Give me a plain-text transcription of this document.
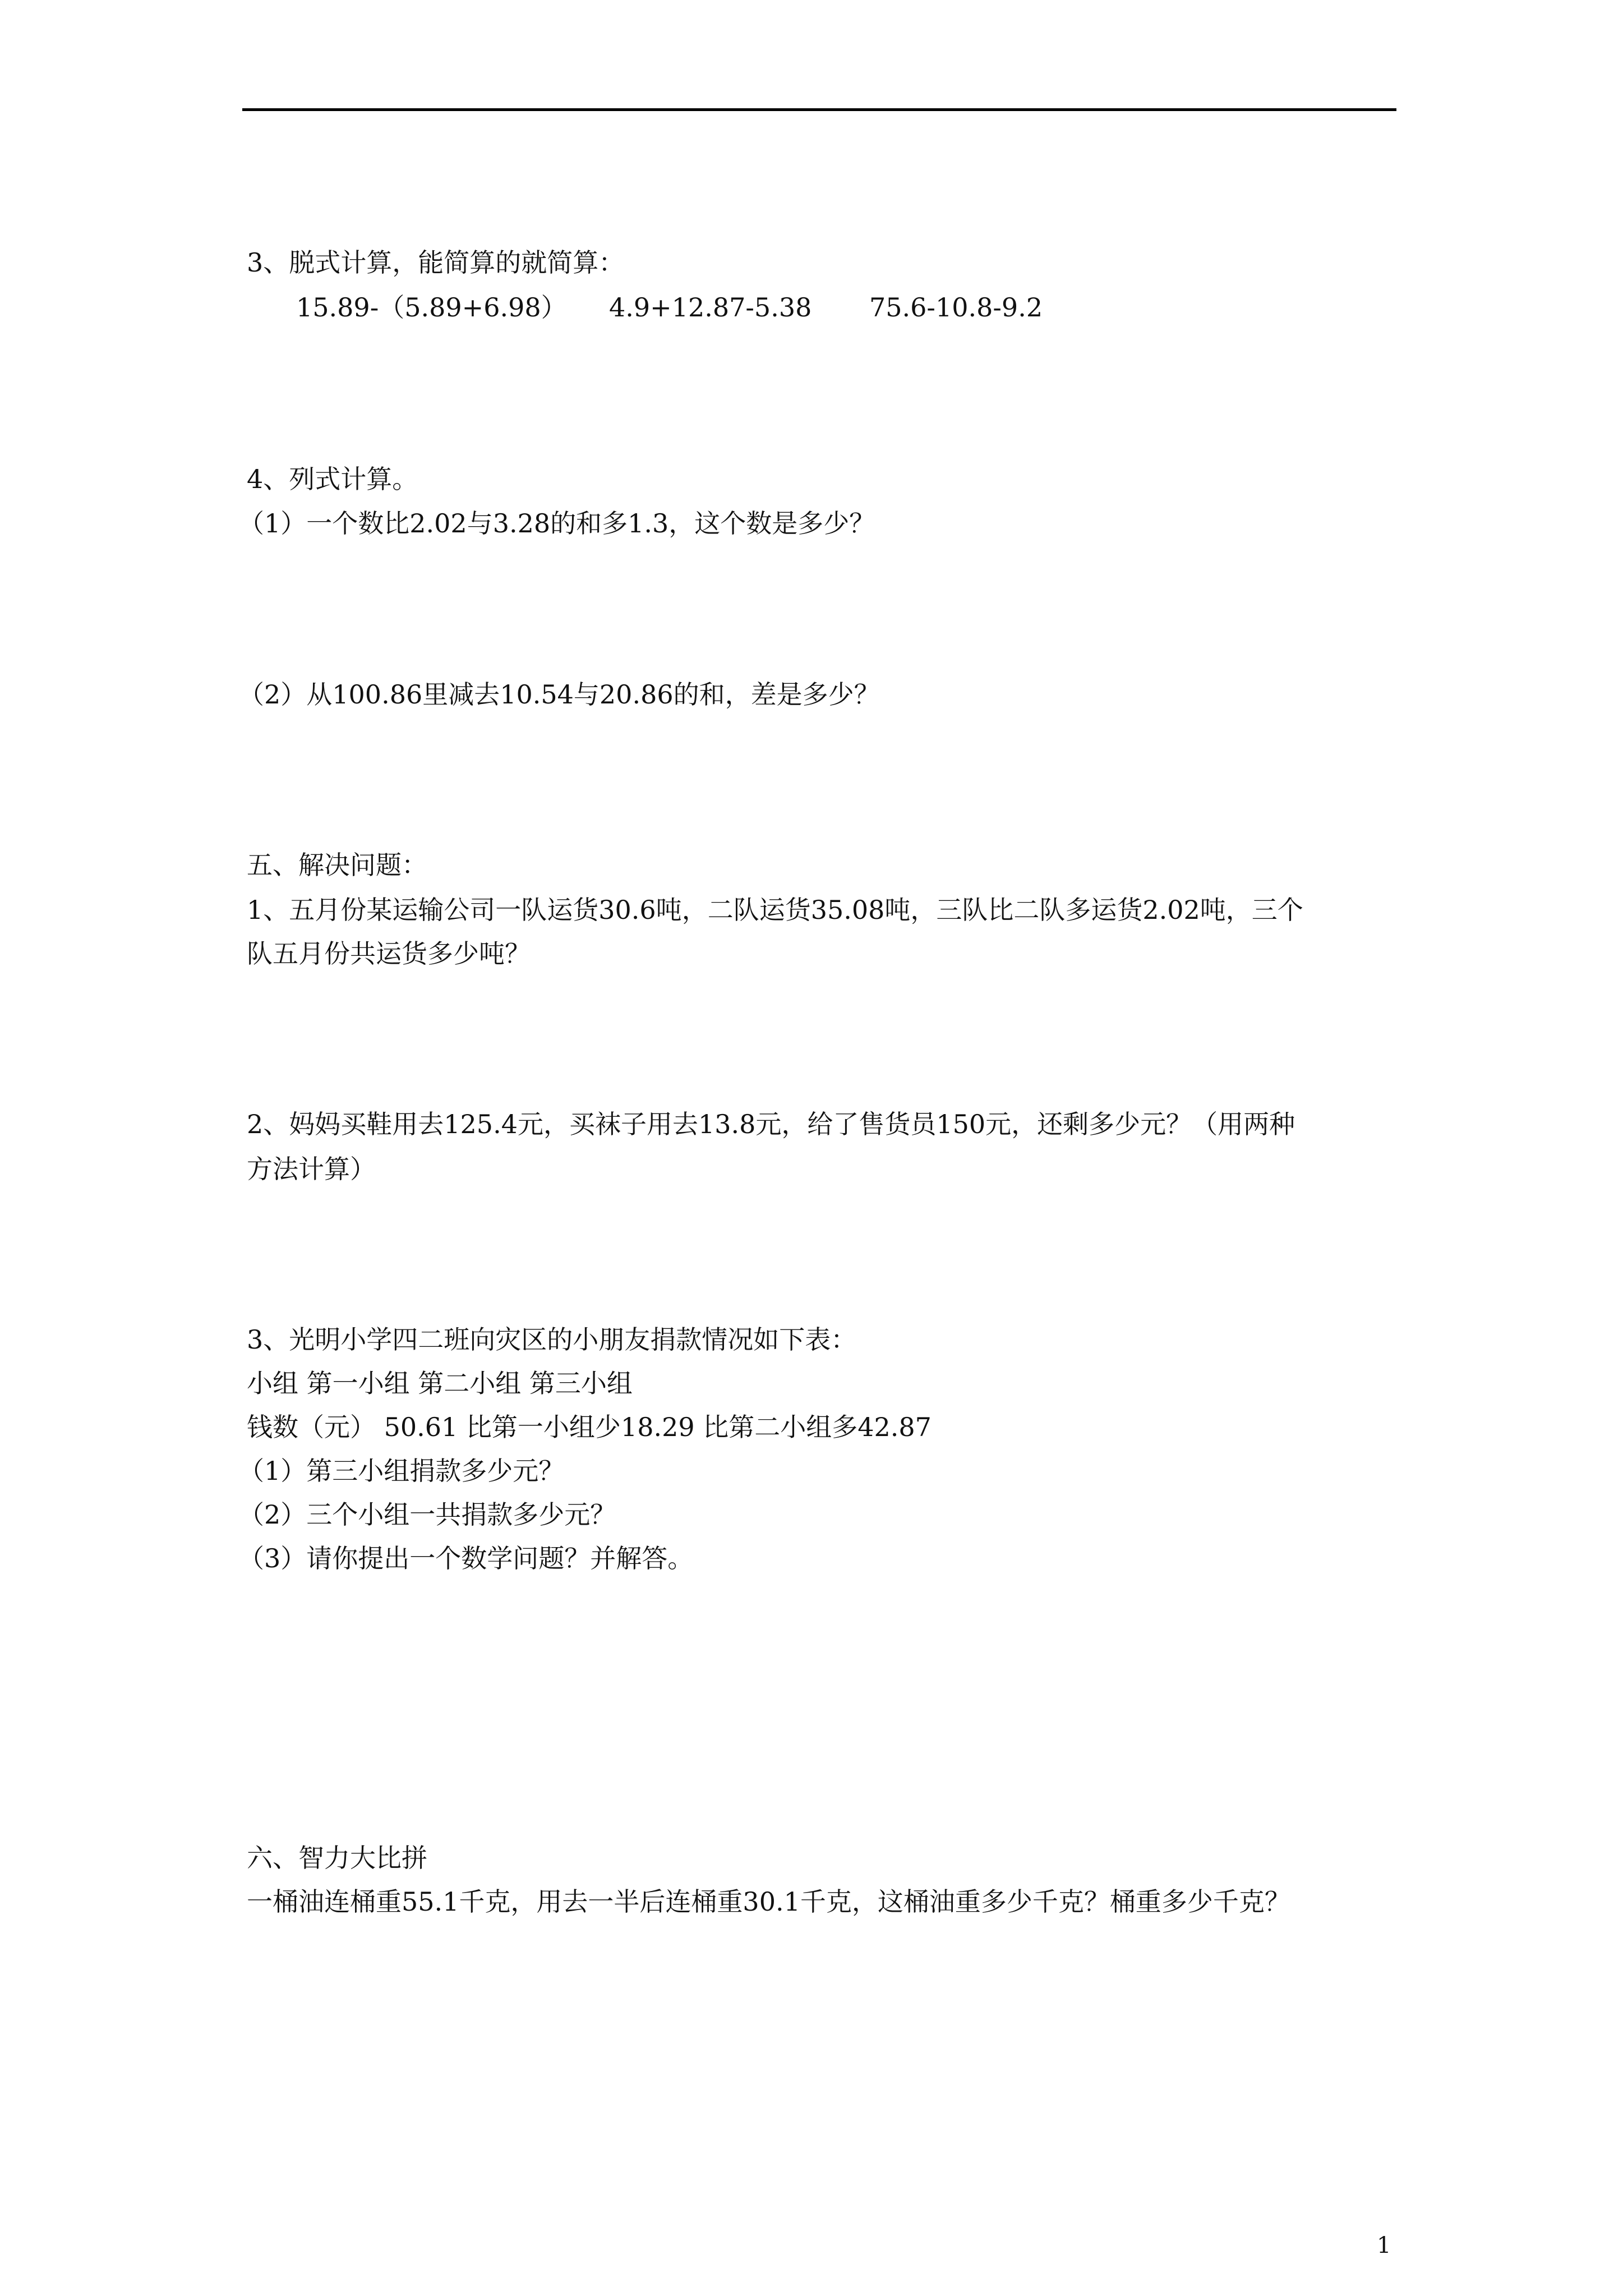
3、脱式计算，能简算的就简算：
15.89-（5.89+6.98） 4.9+12.87-5.38 75.6-10.8-9.2
4、列式计算。
（1）一个数比2.02与3.28的和多1.3，这个数是多少？
（2）从100.86里减去10.54与20.86的和，差是多少？
五、解决问题：
1、五月份某运输公司一队运货30.6吨，二队运货35.08吨，三队比二队多运货2.02吨，三个
队五月份共运货多少吨？
2、妈妈买鞋用去125.4元，买袜子用去13.8元，给了售货员150元，还剩多少元？（用两种
方法计算）
3、光明小学四二班向灾区的小朋友捐款情况如下表：
小组 第一小组 第二小组 第三小组
钱数（元） 50.61 比第一小组少18.29 比第二小组多42.87
（1）第三小组捐款多少元？
（2）三个小组一共捐款多少元？
（3）请你提出一个数学问题？并解答。
六、智力大比拼
一桶油连桶重55.1千克，用去一半后连桶重30.1千克，这桶油重多少千克？桶重多少千克？
1
